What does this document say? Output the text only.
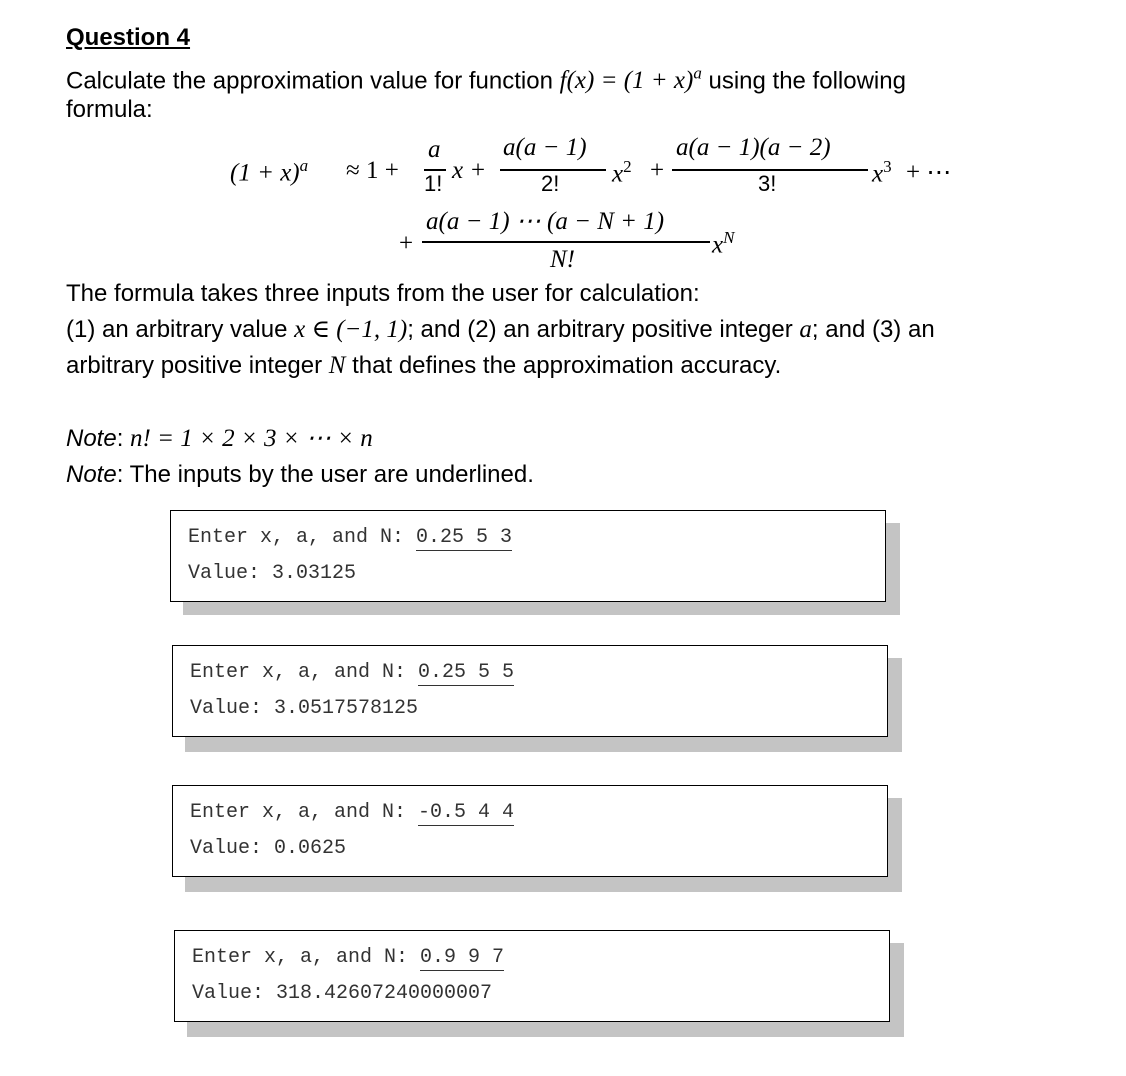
Question 4
Calculate the approximation value for function $f(x) = (1 + x)^a$ using the following
formula:
$(1 + x)^a \approx 1$ +
a
1! x +
a(a − 1)
2! $x^2$ +
a(a − 1)(a − 2)
3!	$x^3$ + ⋯
+
a(a − 1) ⋯ (a − N + 1)
N!
$x^N$
The formula takes three inputs from the user for calculation:
(1) an arbitrary value x ∈ (−1, 1); and (2) an arbitrary positive integer a; and (3) an
arbitrary positive integer N that defines the approximation accuracy.
Note: n! = 1 × 2 × 3 × ⋯ × n
Note: The inputs by the user are underlined.
Enter x, a, and N: 0.25 5 3
Value: 3.03125
Enter x, a, and N: 0.25 5 5
Value: 3.0517578125
Enter x, a, and N: -0.5 4 4
Value: 0.0625
Enter x, a, and N: 0.9 9 7
Value: 318.42607240000007
